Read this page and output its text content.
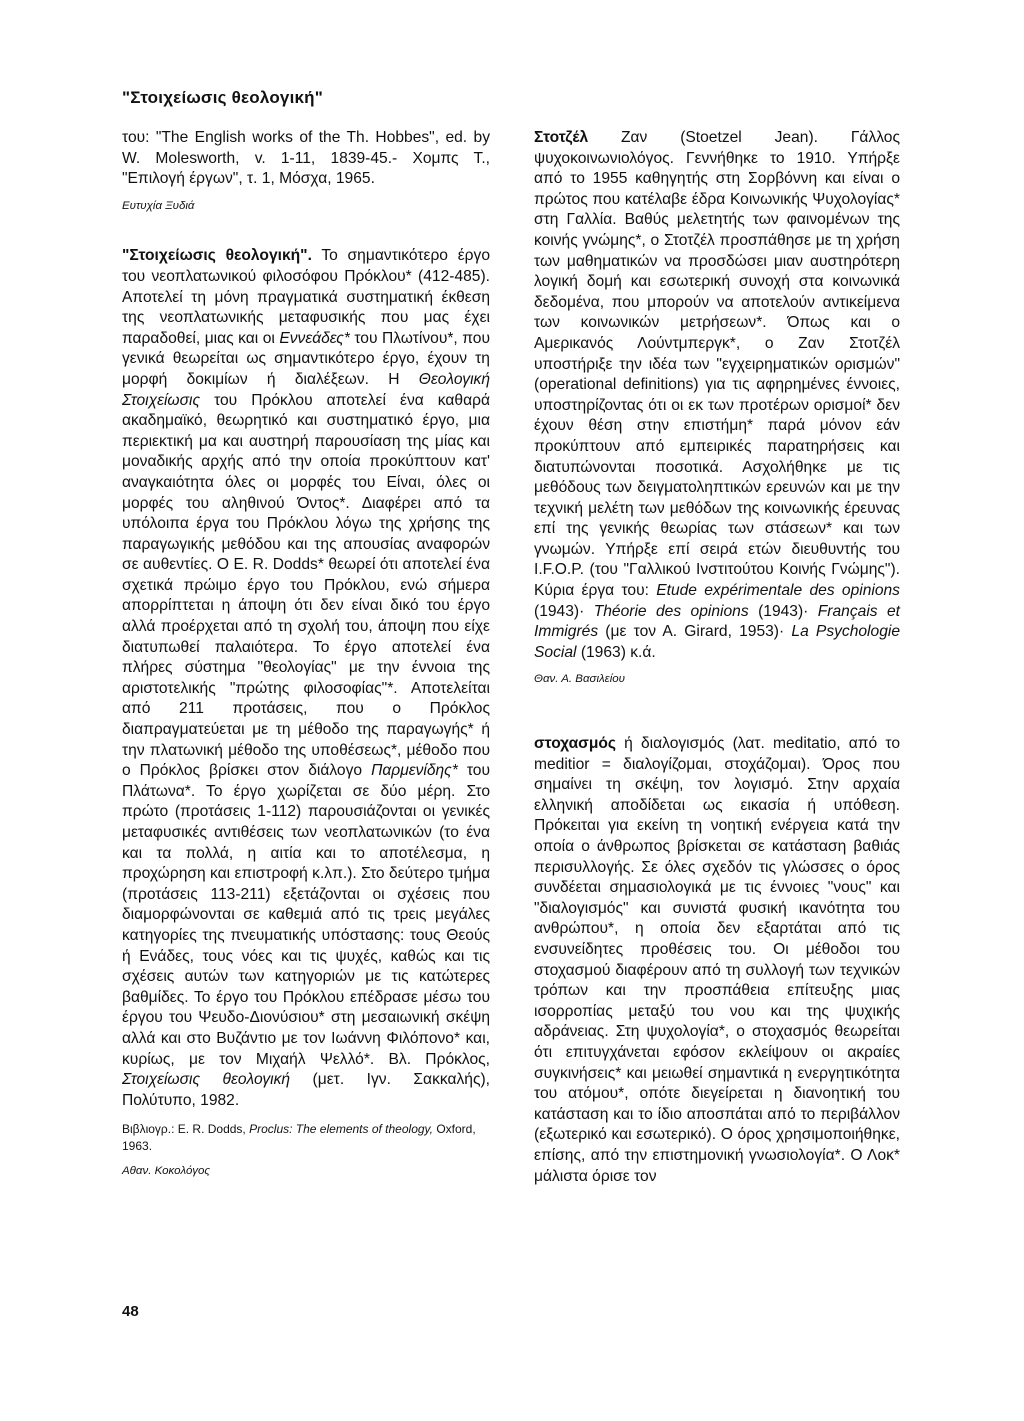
"Στοιχείωσις θεολογική"

του: "The English works of the Th. Hobbes", ed. by W. Molesworth, v. 1-11, 1839-45.- Χομπς Τ., "Επιλογή έργων", τ. 1, Μόσχα, 1965.

Ευτυχία Ξυδιά

"Στοιχείωσις θεολογική". Το σημαντικότερο έργο του νεοπλατωνικού φιλοσόφου Πρόκλου* (412-485). Αποτελεί τη μόνη πραγματικά συστηματική έκθεση της νεοπλατωνικής μεταφυσικής που μας έχει παραδοθεί, μιας και οι Εννεάδες* του Πλωτίνου*, που γενικά θεωρείται ως σημαντικότερο έργο, έχουν τη μορφή δοκιμίων ή διαλέξεων. Η Θεολογική Στοιχείωσις του Πρόκλου αποτελεί ένα καθαρά ακαδημαϊκό, θεωρητικό και συστηματικό έργο, μια περιεκτική μα και αυστηρή παρουσίαση της μίας και μοναδικής αρχής από την οποία προκύπτουν κατ' αναγκαιότητα όλες οι μορφές του Είναι, όλες οι μορφές του αληθινού Όντος*. Διαφέρει από τα υπόλοιπα έργα του Πρόκλου λόγω της χρήσης της παραγωγικής μεθόδου και της απουσίας αναφορών σε αυθεντίες. Ο Ε. R. Dodds* θεωρεί ότι αποτελεί ένα σχετικά πρώιμο έργο του Πρόκλου, ενώ σήμερα απορρίπτεται η άποψη ότι δεν είναι δικό του έργο αλλά προέρχεται από τη σχολή του, άποψη που είχε διατυπωθεί παλαιότερα. Το έργο αποτελεί ένα πλήρες σύστημα "θεολογίας" με την έννοια της αριστοτελικής "πρώτης φιλοσοφίας"*. Αποτελείται από 211 προτάσεις, που ο Πρόκλος διαπραγματεύεται με τη μέθοδο της παραγωγής* ή την πλατωνική μέθοδο της υποθέσεως*, μέθοδο που ο Πρόκλος βρίσκει στον διάλογο Παρμενίδης* του Πλάτωνα*. Το έργο χωρίζεται σε δύο μέρη. Στο πρώτο (προτάσεις 1-112) παρουσιάζονται οι γενικές μεταφυσικές αντιθέσεις των νεοπλατωνικών (το ένα και τα πολλά, η αιτία και το αποτέλεσμα, η προχώρηση και επιστροφή κ.λπ.). Στο δεύτερο τμήμα (προτάσεις 113-211) εξετάζονται οι σχέσεις που διαμορφώνονται σε καθεμιά από τις τρεις μεγάλες κατηγορίες της πνευματικής υπόστασης: τους Θεούς ή Ενάδες, τους νόες και τις ψυχές, καθώς και τις σχέσεις αυτών των κατηγοριών με τις κατώτερες βαθμίδες. Το έργο του Πρόκλου επέδρασε μέσω του έργου του Ψευδο-Διονύσιου* στη μεσαιωνική σκέψη αλλά και στο Βυζάντιο με τον Ιωάννη Φιλόπονο* και, κυρίως, με τον Μιχαήλ Ψελλό*. Βλ. Πρόκλος, Στοιχείωσις θεολογική (μετ. Ιγν. Σακκαλής), Πολύτυπο, 1982.

Βιβλιογρ.: Ε. R. Dodds, Proclus: The elements of theology, Oxford, 1963.

Αθαν. Κοκολόγος

Στοτζέλ Ζαν (Stoetzel Jean). Γάλλος ψυχοκοινωνιολόγος. Γεννήθηκε το 1910. Υπήρξε από το 1955 καθηγητής στη Σορβόννη και είναι ο πρώτος που κατέλαβε έδρα Κοινωνικής Ψυχολογίας* στη Γαλλία. Βαθύς μελετητής των φαινομένων της κοινής γνώμης*, ο Στοτζέλ προσπάθησε με τη χρήση των μαθηματικών να προσδώσει μιαν αυστηρότερη λογική δομή και εσωτερική συνοχή στα κοινωνικά δεδομένα, που μπορούν να αποτελούν αντικείμενα των κοινωνικών μετρήσεων*. Όπως και ο Αμερικανός Λούντμπεργκ*, ο Ζαν Στοτζέλ υποστήριξε την ιδέα των "εγχειρηματικών ορισμών" (operational definitions) για τις αφηρημένες έννοιες, υποστηρίζοντας ότι οι εκ των προτέρων ορισμοί* δεν έχουν θέση στην επιστήμη* παρά μόνον εάν προκύπτουν από εμπειρικές παρατηρήσεις και διατυπώνονται ποσοτικά. Ασχολήθηκε με τις μεθόδους των δειγματοληπτικών ερευνών και με την τεχνική μελέτη των μεθόδων της κοινωνικής έρευνας επί της γενικής θεωρίας των στάσεων* και των γνωμών. Υπήρξε επί σειρά ετών διευθυντής του I.F.O.P. (του "Γαλλικού Ινστιτούτου Κοινής Γνώμης"). Κύρια έργα του: Etude expérimentale des opinions (1943)· Théorie des opinions (1943)· Français et Immigrés (με τον Α. Girard, 1953)· La Psychologie Social (1963) κ.ά.

Θαν. Α. Βασιλείου

στοχασμός ή διαλογισμός (λατ. meditatio, από το meditior = διαλογίζομαι, στοχάζομαι). Όρος που σημαίνει τη σκέψη, τον λογισμό. Στην αρχαία ελληνική αποδίδεται ως εικασία ή υπόθεση. Πρόκειται για εκείνη τη νοητική ενέργεια κατά την οποία ο άνθρωπος βρίσκεται σε κατάσταση βαθιάς περισυλλογής. Σε όλες σχεδόν τις γλώσσες ο όρος συνδέεται σημασιολογικά με τις έννοιες "νους" και "διαλογισμός" και συνιστά φυσική ικανότητα του ανθρώπου*, η οποία δεν εξαρτάται από τις ενσυνείδητες προθέσεις του. Οι μέθοδοι του στοχασμού διαφέρουν από τη συλλογή των τεχνικών τρόπων και την προσπάθεια επίτευξης μιας ισορροπίας μεταξύ του νου και της ψυχικής αδράνειας. Στη ψυχολογία*, ο στοχασμός θεωρείται ότι επιτυγχάνεται εφόσον εκλείψουν οι ακραίες συγκινήσεις* και μειωθεί σημαντικά η ενεργητικότητα του ατόμου*, οπότε διεγείρεται η διανοητική του κατάσταση και το ίδιο αποσπάται από το περιβάλλον (εξωτερικό και εσωτερικό). Ο όρος χρησιμοποιήθηκε, επίσης, από την επιστημονική γνωσιολογία*. Ο Λοκ* μάλιστα όρισε τον

48
